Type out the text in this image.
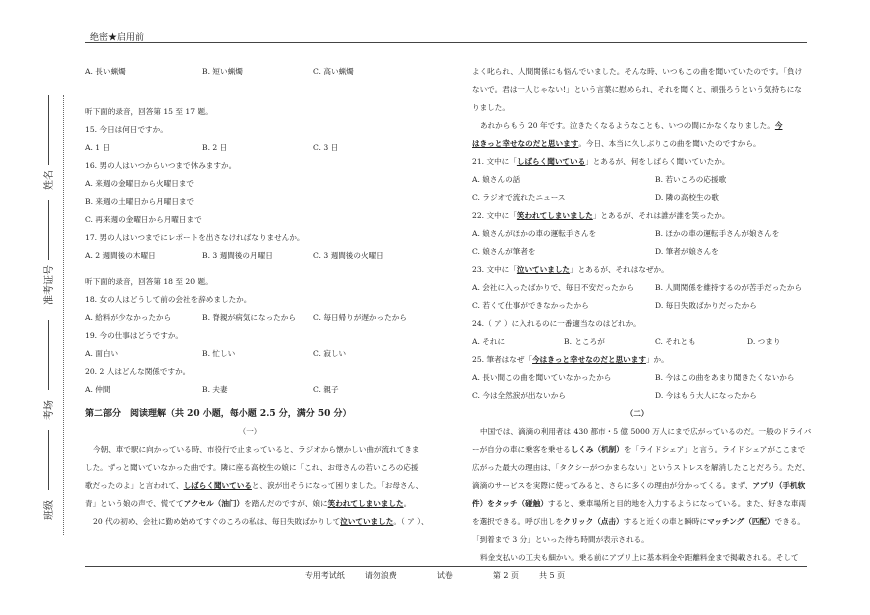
绝密★启用前
姓名
准考证号
考场
班级
A. 長い蝋燭	B. 短い蝋燭	C. 高い蝋燭
听下面的录音，回答第 15 至 17 题。
15. 今日は何日ですか。
A. 1 日	B. 2 日	C. 3 日
16. 男の人はいつからいつまで休みますか。
A. 来週の金曜日から火曜日まで
B. 来週の土曜日から月曜日まで
C. 再来週の金曜日から月曜日まで
17. 男の人はいつまでにレポートを出さなければなりませんか。
A. 2 週間後の木曜日	B. 3 週間後の月曜日	C. 3 週間後の火曜日
听下面的录音，回答第 18 至 20 题。
18. 女の人はどうして前の会社を辞めましたか。
A. 給料が少なかったから	B. 脊親が病気になったから C. 毎日帰りが遅かったから
19. 今の仕事はどうですか。
A. 面白い	B. 忙しい	C. 寂しい
20. 2 人はどんな関係ですか。
A. 仲間	B. 夫妻	C. 親子
第二部分　阅读理解（共 20 小题，每小题 2.5 分，满分 50 分）
（一）
今朝、車で駅に向かっている時、市役行で止まっていると、ラジオから懐かしい曲が流れてきま
した。ずっと聞いていなかった曲です。隣に座る高校生の娘に「これ、お母さんの若いころの応援
歌だったのよ」と言われて、しばらく聞いていると、涙が出そうになって困りました。「お母さん、
青」という娘の声で、慌ててアクセル（油门）を踏んだのですが、娘に笑われてしまいました。
20 代の初め、会社に勤め始めてすぐのころの私は、毎日失敗ばかりして泣いていました。（ ア ）、
よく叱られ、人間関係にも悩んでいました。そんな時、いつもこの曲を聞いていたのです。「負け
ないで。君は一人じゃない!」という言葉に慰められ、それを聞くと、頑張ろうという気持ちにな
りました。
あれからもう 20 年です。泣きたくなるようなことも、いつの間にかなくなりました。今
はきっと幸せなのだと思います。今日、本当に久しぶりこの曲を聞いたのですから。
21. 文中に「しばらく聞いている」とあるが、何をしばらく聞いていたか。
A. 娘さんの話	B. 若いころの応援歌
C. ラジオで流れたニュース	D. 隣の高校生の歌
22. 文中に「笑われてしまいました」とあるが、それは誰が誰を笑ったか。
A. 娘さんがほかの車の運転手さんを	B. ほかの車の運転手さんが娘さんを
C. 娘さんが筆者を	D. 筆者が娘さんを
23. 文中に「泣いていました」とあるが、それはなぜか。
A. 会社に入ったばかりで、毎日不安だったから	B. 人間関係を維持するのが苦手だったから
C. 若くて仕事ができなかったから	D. 毎日失敗ばかりだったから
24.（ ア ）に入れるのに一番適当なのはどれか。
A. それに	B. ところが	C. それとも	D. つまり
25. 筆者はなぜ「今はきっと幸せなのだと思います」か。
A. 長い間この曲を聞いていなかったから	B. 今はこの曲をあまり聞きたくないから
C. 今は全然涙が出ないから	D. 今はもう大人になったから
（二）
中国では、滴滴の利用者は 430 都市・5 億 5000 万人にまで広がっているのだ。一般のドライバ
ーが自分の車に乗客を乗せるしくみ（机制）を「ライドシェア」と言う。ライドシェアがここまで
広がった最大の理由は、「タクシーがつかまらない」というストレスを解消したことだろう。ただ、
滴滴のサービスを実際に使ってみると、さらに多くの理由が分かってくる。まず、アプリ（手机软
件）をタッチ（碰触）すると、乗車場所と目的地を入力するようになっている。また、好きな車両
を選択できる。呼び出しをクリック（点击）すると近くの車と瞬時にマッチング（匹配）できる。
「到着まで 3 分」といった待ち時間が表示される。
料金支払いの工夫も細かい。乗る前にアプリ上に基本料金や距離料金まで掲載される。そして
专用考试纸	请勿浪费	试卷	第 2 页	共 5 页
